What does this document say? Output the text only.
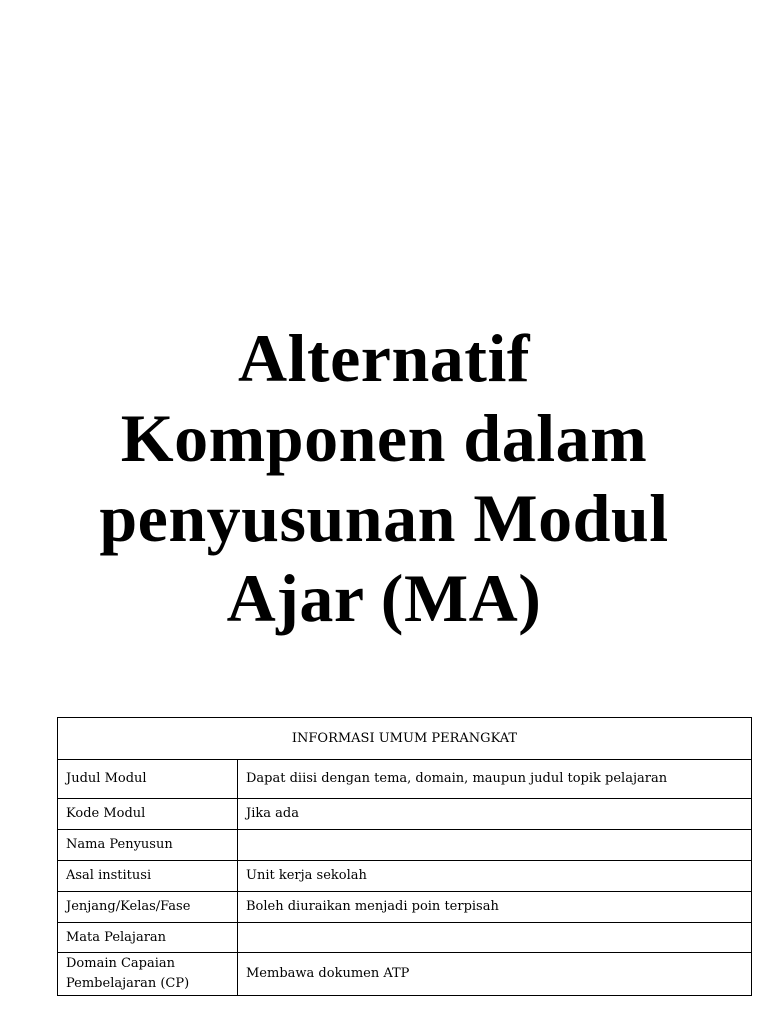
Alternatif
Komponen dalam
penyusunan Modul
Ajar (MA)
INFORMASI UMUM PERANGKAT	
Judul Modul	Dapat diisi dengan tema, domain, maupun judul topik pelajaran
Kode Modul	Jika ada
Nama Penyusun	
Asal institusi	Unit kerja sekolah
Jenjang/Kelas/Fase	Boleh diuraikan menjadi poin terpisah
Mata Pelajaran	
Domain Capaian
Pembelajaran (CP)	Membawa dokumen ATP
